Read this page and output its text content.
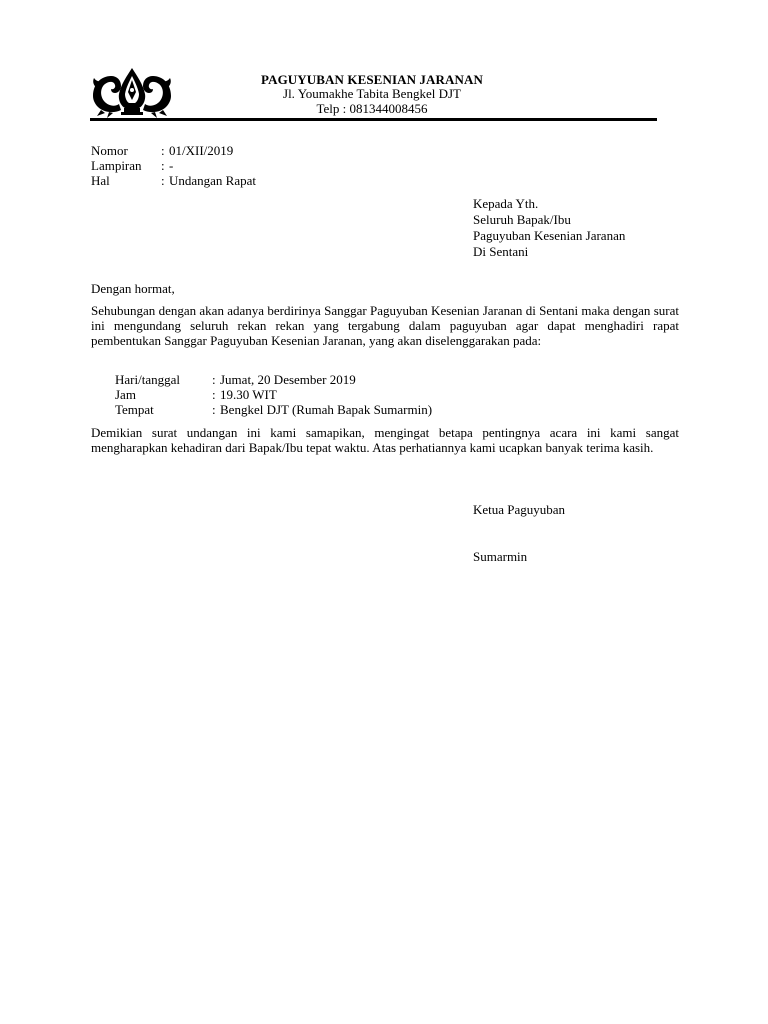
PAGUYUBAN KESENIAN JARANAN
Jl. Youmakhe Tabita Bengkel DJT
Telp : 081344008456
Nomor	: 01/XII/2019
Lampiran	: -
Hal	: Undangan Rapat
Kepada Yth.
Seluruh Bapak/Ibu
Paguyuban Kesenian Jaranan
Di Sentani
Dengan hormat,
Sehubungan dengan akan adanya berdirinya Sanggar Paguyuban Kesenian Jaranan di Sentani maka dengan surat ini mengundang seluruh rekan rekan yang tergabung dalam paguyuban agar dapat menghadiri rapat pembentukan Sanggar Paguyuban Kesenian Jaranan, yang akan diselenggarakan pada:
Hari/tanggal	: Jumat, 20 Desember 2019
Jam	: 19.30 WIT
Tempat	: Bengkel DJT (Rumah Bapak Sumarmin)
Demikian surat undangan ini kami samapikan, mengingat betapa pentingnya acara ini kami sangat mengharapkan kehadiran dari Bapak/Ibu tepat waktu. Atas perhatiannya kami ucapkan banyak terima kasih.
Ketua Paguyuban
Sumarmin
